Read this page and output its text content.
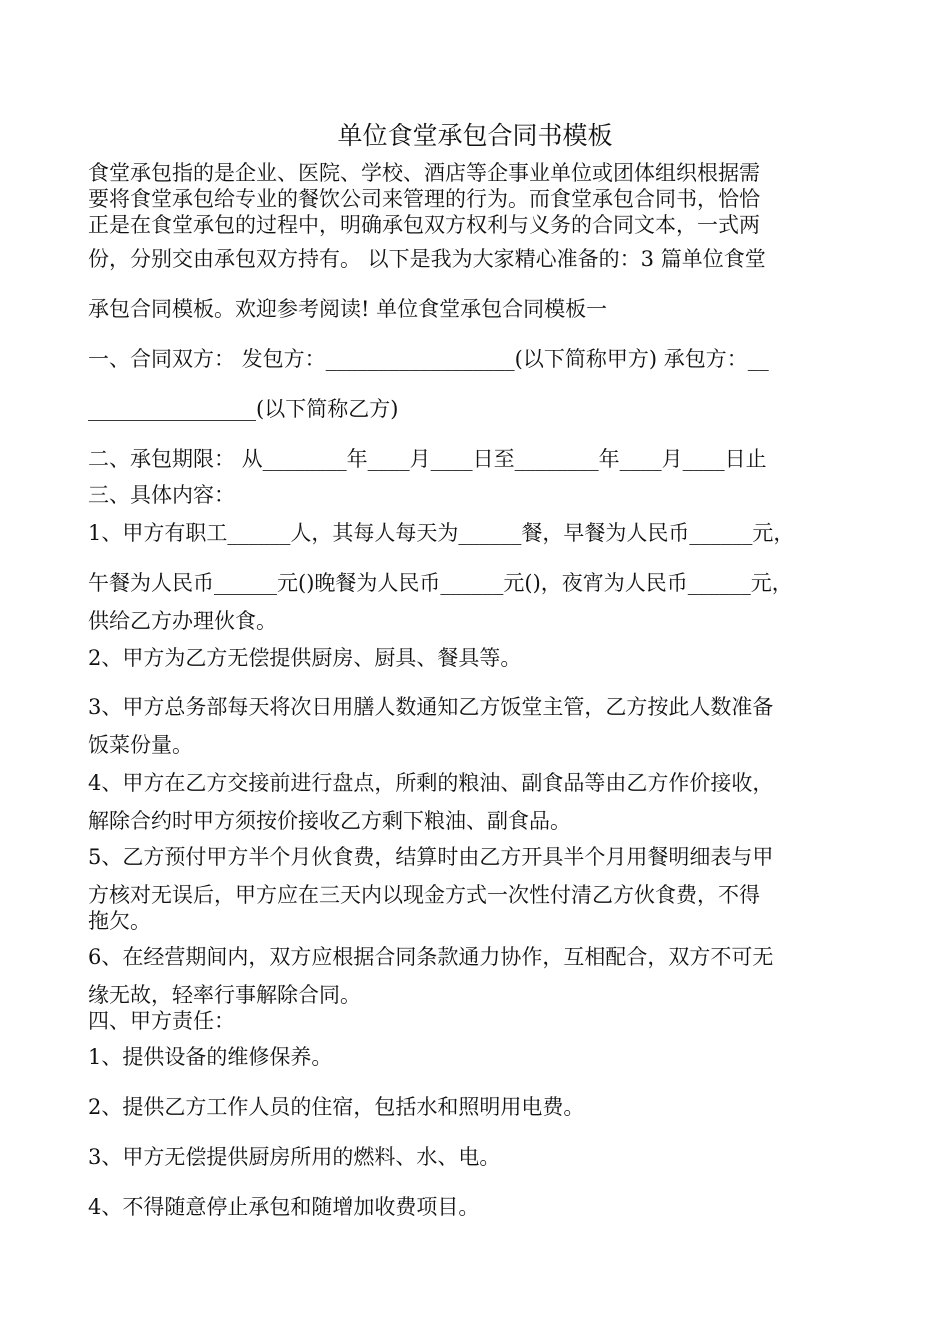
单位食堂承包合同书模板
食堂承包指的是企业、医院、学校、酒店等企事业单位或团体组织根据需
要将食堂承包给专业的餐饮公司来管理的行为。而食堂承包合同书，恰恰
正是在食堂承包的过程中，明确承包双方权利与义务的合同文本，一式两
份，分别交由承包双方持有。 以下是我为大家精心准备的：3 篇单位食堂
承包合同模板。欢迎参考阅读! 单位食堂承包合同模板一
一、合同双方： 发包方：__________________(以下简称甲方) 承包方：__
________________(以下简称乙方)
二、承包期限： 从________年____月____日至________年____月____日止
三、具体内容：
1、甲方有职工______人，其每人每天为______餐，早餐为人民币______元，
午餐为人民币______元()晚餐为人民币______元()，夜宵为人民币______元，
供给乙方办理伙食。
2、甲方为乙方无偿提供厨房、厨具、餐具等。
3、甲方总务部每天将次日用膳人数通知乙方饭堂主管，乙方按此人数准备
饭菜份量。
4、甲方在乙方交接前进行盘点，所剩的粮油、副食品等由乙方作价接收，
解除合约时甲方须按价接收乙方剩下粮油、副食品。
5、乙方预付甲方半个月伙食费，结算时由乙方开具半个月用餐明细表与甲
方核对无误后，甲方应在三天内以现金方式一次性付清乙方伙食费，不得
拖欠。
6、在经营期间内，双方应根据合同条款通力协作，互相配合，双方不可无
缘无故，轻率行事解除合同。
四、甲方责任：
1、提供设备的维修保养。
2、提供乙方工作人员的住宿，包括水和照明用电费。
3、甲方无偿提供厨房所用的燃料、水、电。
4、不得随意停止承包和随增加收费项目。
